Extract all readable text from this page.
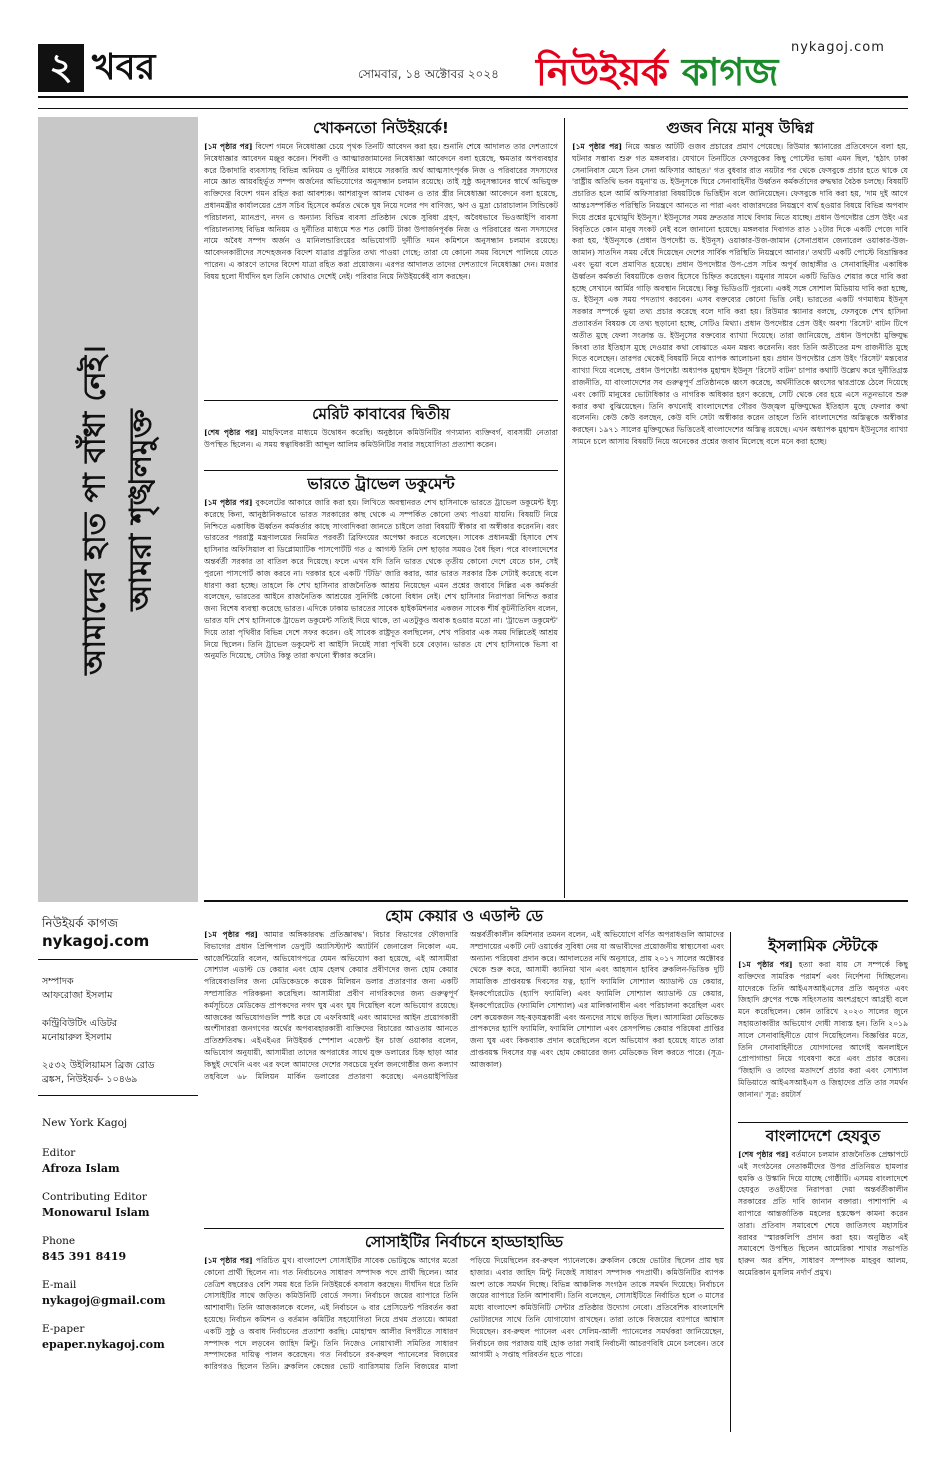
২ খবর	সোমবার, ১৪ অক্টোবর ২০২৪
nykagoj.com
নিউইয়র্ক কাগজ
আমাদের হাত পা বাঁধা নেই। আমরা শৃঙ্খলমুক্ত
নিউইয়র্ক কাগজ
nykagoj.com
সম্পাদক
আফরোজা ইসলাম
কন্ট্রিবিউটিং এডিটর
মনোয়ারুল ইসলাম
২৫৩২ উইলিয়ামস ব্রিজ রোড
ব্রঙ্কস, নিউইয়র্ক- ১০৪৬৯
New York Kagoj
Editor
Afroza Islam
Contributing Editor
Monowarul Islam
Phone
845 391 8419
E-mail
nykagoj@gmail.com
E-paper
epaper.nykagoj.com
খোকনতো নিউইয়র্কে!

[১ম পৃষ্ঠার পর] বিদেশ গমনে নিষেধাজ্ঞা চেয়ে পৃথক তিনটি আবেদন করা হয়। শুনানি শেষে আদালত তার দেশত্যাগে নিষেধাজ্ঞার আবেদন মঞ্জুর করেন। শিবলী ও আত্মারজামানের নিষেধাজ্ঞা আবেদনে বলা হয়েছে, ক্ষমতার অপব্যবহার করে ঠিকাদারি ব্যবসাসহ বিভিন্ন অনিয়ম ও দুর্নীতির মাধ্যমে সরকারি অর্থ আত্মসাৎপূর্বক নিজ ও পরিবারের সদস্যদের নামে জ্ঞাত আয়বহির্ভূত সম্পদ অর্জনের অভিযোগের অনুসন্ধান চলমান রয়েছে। তাই সুষ্ঠু অনুসন্ধানের স্বার্থে অভিযুক্ত ব্যক্তিদের বিদেশ গমন রহিত করা আবশ্যক। আশরাফুল আলম খোকন ও তার স্ত্রীর নিষেধাজ্ঞা আবেদনে বলা হয়েছে, প্রধানমন্ত্রীর কার্যালয়ের প্রেস সচিব হিসেবে কর্মরত থেকে ঘুষ নিয়ে দলের পদ বাণিজ্য, ঋণ ও মুদ্রা চোরাচালান সিন্ডিকেট পরিচালনা, ম্যানপ্রণ, নদন ও অন্যান্য বিভিন্ন ব্যবসা প্রতিষ্ঠান থেকে সুবিধা গ্রহণ, অবৈধভাবে ভিওআইপি ব্যবসা পরিচালনাসহ বিভিন্ন অনিয়ম ও দুর্নীতির মাধ্যমে শত শত কোটি টাকা উপার্জনপূর্বক নিজ ও পরিবারের অন্য সদস্যদের নামে অবৈধ সম্পদ অর্জন ও মানিলন্ডারিংয়ের অভিযোগটি দুর্নীতি দমন কমিশনে অনুসন্ধান চলমান রয়েছে। আবেদনকারীদের সন্দেহজনক বিদেশ যাত্রার প্রস্তুতির তথ্য পাওয়া গেছে; তারা যে কোনো সময় বিদেশে পালিয়ে যেতে পারেন। এ কারণে তাদের বিদেশ যাত্রা রহিত করা প্রয়োজন। এরপর আদালত তাদের দেশত্যাগে নিষেধাজ্ঞা দেন। মজার বিষয় হলো দীর্ঘদিন হল তিনি কোথাও দেশেই নেই। পরিবার নিয়ে নিউইয়র্কেই বাস করছেন।

মেরিট কাবাবের দ্বিতীয়

[শেষ পৃষ্ঠার পর] মাহফিলের মাধ্যমে উদ্বোধন করেছি। অনুষ্ঠানে কমিউনিটির গণ্যমান্য ব্যক্তিবর্গ, ব্যবসায়ী নেতারা উপস্থিত ছিলেন। এ সময় স্বত্বাধিকারী আব্দুল আলিম কমিউনিটির সবার সহযোগিতা প্রত্যাশা করেন।

ভারতে ট্রাভেল ডকুমেন্ট

[১ম পৃষ্ঠার পর] বুকলেটের আকারে জারি করা হয়। লিখিতে অবস্থানরত শেখ হাসিনাকে ভারতে ট্রাভেল ডকুমেন্ট ইস্যু করেছে কিনা, আনুষ্ঠানিকভাবে ভারত সরকারের কাছ থেকে এ সম্পর্কিত কোনো তথ্য পাওয়া যায়নি। বিষয়টি নিয়ে নিশ্চিতে একাধিক ঊর্ধ্বতন কর্মকর্তার কাছে সাংবাদিকরা জানতে চাইলে তারা বিষয়টি স্বীকার বা অস্বীকার করেননি। বরং ভারতের পররাষ্ট্র মন্ত্রণালয়ের নিয়মিত পরবর্তী ব্রিফিংয়ের অপেক্ষা করতে বলেছেন। সাবেক প্রধানমন্ত্রী হিসাবে শেখ হাসিনার অফিসিয়াল বা ডিপ্লোম্যাটিক পাসপোর্টটি গত ৫ আগস্ট তিনি দেশ ছাড়ার সময়ও বৈধ ছিল। পরে বাংলাদেশের অন্তর্বর্তী সরকার তা বাতিল করে দিয়েছে। ফলে এখন যদি তিনি ভারত থেকে তৃতীয় কোনো দেশে যেতে চান, সেই পুরনো পাসপোর্ট কাজ করবে না। দরকার হবে একটি 'টিডি' জারি করার, আর ভারত সরকার ঠিক সেটাই করেছে বলে ধারণা করা হচ্ছে। তাহলে কি শেখ হাসিনার রাজনৈতিক আশ্রয় নিয়েছেন এমন প্রশ্নের জবাবে দিল্লির এক কর্মকর্তা বলেছেন, ভারতের আইনে রাজনৈতিক আশ্রয়ের সুনির্দিষ্ট কোনো বিধান নেই। শেখ হাসিনার নিরাপত্তা নিশ্চিত করার জন্য বিশেষ ব্যবস্থা করেছে ভারত। এদিকে ঢাকায় ভারতের সাবেক হাইকমিশনার একজন সাবেক শীর্ষ কূটনীতিবিদ বলেন, ভারত যদি শেখ হাসিনাকে ট্রাভেল ডকুমেন্ট সত্যিই দিয়ে থাকে, তা এতটুকুও অবাক হওয়ার মতো না। 'ট্রাভেল ডকুমেন্ট' দিয়ে তারা পৃথিবীর বিভিন্ন দেশে সফর করেন। ওই সাবেক রাষ্ট্রদূত বলছিলেন, শেখ পরিবার এক সময় দিল্লিতেই আশ্রয় নিয়ে ছিলেন। তিনি ট্রাভেল ডকুমেন্ট বা আইসি নিয়েই সারা পৃথিবী চষে বেড়ান। ভারত যে শেখ হাসিনাকে ভিসা বা অনুমতি দিয়েছে, সেটাও কিন্তু তারা কখনো স্বীকার করেনি।

গুজব নিয়ে মানুষ উদ্বিগ্ন

[১ম পৃষ্ঠার পর] নিয়ে অন্তত আটটি গুজব প্রচারের প্রমাণ পেয়েছে। রিউমার স্ক্যানারের প্রতিবেদনে বলা হয়, ঘটনার সম্ভাব্য শুরু গত মঙ্গলবার। যেখানে তিনটিতে ফেসবুকের কিছু পোস্টের ভাষা এমন ছিল, 'হঠাৎ ঢাকা সেনানিবাস মেসে তিন সেনা অফিসার আহত।' গত বুধবার রাত নয়টার পর থেকে ফেসবুকে প্রচার হতে থাকে যে 'রাষ্ট্রীয় অতিথি ভবন যমুনা'য় ড. ইউনূসকে ঘিরে সেনাবাহিনীর উর্ধ্বতন কর্মকর্তাদের রুদ্ধদ্বার বৈঠক চলছে। বিষয়টি প্রচারিত হলে আর্মি অফিসারারা বিষয়টিকে ভিত্তিহীন বলে জানিয়েছেন। ফেসবুকে দাবি করা হয়, 'দাম দুই আগে আন্তঃসম্পর্কিত পরিস্থিতি নিয়ন্ত্রণে আনতে না পারা এবং বাজারদরের নিয়ন্ত্রণে ব্যর্থ হওয়ার বিষয়ে বিভিন্ন অপবাদ দিয়ে প্রশ্নের মুখোমুখি ইউনূস।' ইউনূসের সময় দ্রুততার সাথে বিদায় নিতে যাচ্ছে। প্রধান উপদেষ্টার প্রেস উইং এর বিবৃতিতে কোন মানুষ সংকট নেই বলে জানানো হয়েছে। মঙ্গলবার দিবাগত রাত ১২টার দিকে একটি পেজে দাবি করা হয়, 'ইউনূসকে (প্রধান উপদেষ্টা ড. ইউনূস) ওয়াকার-উজ-জামান (সেনাপ্রধান জেনারেল ওয়াকার-উজ-জামান) সাতদিন সময় বেঁধে দিয়েছেন দেশের সার্বিক পরিস্থিতি নিয়ন্ত্রণে আনার।' তথ্যটি একটি পোস্টে বিভ্রান্তিকর এবং ভুয়া বলে প্রমাণিত হয়েছে। প্রধান উপদেষ্টার উপ-প্রেস সচিব অপূর্ব জাহাঙ্গীর ও সেনাবাহিনীর একাধিক ঊর্ধ্বতন কর্মকর্তা বিষয়টিকে গুজব হিসেবে চিহ্নিত করেছেন। যমুনার সামনে একটি ভিডিও শেয়ার করে দাবি করা হচ্ছে সেখানে আর্মির গাড়ি অবস্থান নিয়েছে। কিন্তু ভিডিওটি পুরনো। একই সঙ্গে সোশাল মিডিয়ায় দাবি করা হচ্ছে, ড. ইউনূস এক সময় পদত্যাগ করবেন। এসব বক্তব্যের কোনো ভিত্তি নেই। ভারতের একটি গণমাধ্যম ইউনূস সরকার সম্পর্কে ভুয়া তথ্য প্রচার করেছে বলে দাবি করা হয়। রিউমার স্ক্যানার বলছে, ফেসবুকে শেখ হাসিনা প্রত্যাবর্তন বিষয়ক যে তথ্য ছড়ানো হচ্ছে, সেটিও মিথ্যা। প্রধান উপদেষ্টার প্রেস উইং অবশ্য 'রিসেট' বাটন টিপে অতীত মুছে ফেলা সংক্রান্ত ড. ইউনূসের বক্তব্যের ব্যাখ্যা দিয়েছে। তারা জানিয়েছে, প্রধান উপদেষ্টা মুক্তিযুদ্ধ কিংবা তার ইতিহাস মুছে দেওয়ার কথা বোঝাতে এমন মন্তব্য করেননি। বরং তিনি অতীতের মন্দ রাজনীতি মুছে দিতে বলেছেন। তারপর থেকেই বিষয়টি নিয়ে ব্যাপক আলোচনা হয়। প্রধান উপদেষ্টার প্রেস উইং 'রিসেট' মন্তব্যের ব্যাখ্যা দিয়ে বলেছে, প্রধান উপদেষ্টা অধ্যাপক মুহাম্মদ ইউনূস 'রিসেট বাটন' চাপার কথাটি উল্লেখ করে দুর্নীতিগ্রস্ত রাজনীতি, যা বাংলাদেশের সব গুরুত্বপূর্ণ প্রতিষ্ঠানকে ধ্বংস করেছে, অর্থনীতিকে ধ্বংসের দ্বারপ্রান্তে ঠেলে দিয়েছে এবং কোটি মানুষের ভোটাধিকার ও নাগরিক অধিকার হরণ করেছে, সেটি থেকে বের হয়ে এসে নতুনভাবে শুরু করার কথা বুঝিয়েছেন। তিনি কখনোই বাংলাদেশের গৌরব উজ্জ্বল মুক্তিযুদ্ধের ইতিহাস মুছে ফেলার কথা বলেননি। কেউ কেউ বলছেন, কেউ যদি সেটা অস্বীকার করেন তাহলে তিনি বাংলাদেশের অস্তিত্বকে অস্বীকার করছেন। ১৯৭১ সালের মুক্তিযুদ্ধের ভিত্তিতেই বাংলাদেশের অস্তিত্ব রয়েছে। এখন অধ্যাপক মুহাম্মদ ইউনূসের ব্যাখ্যা সামনে চলে আসায় বিষয়টি নিয়ে অনেকের প্রশ্নের জবাব মিলেছে বলে মনে করা হচ্ছে।

হোম কেয়ার ও এডাল্ট ডে

[১ম পৃষ্ঠার পর] আমার অঙ্গিকারবদ্ধ প্রতিজ্ঞাবদ্ধ'। বিচার বিভাগের ফৌজদারি বিভাগের প্রধান প্রিন্সিপাল ডেপুটি অ্যাসিস্ট্যান্ট অ্যাটর্নি জেনারেল নিকোল এম. আর্জেন্টিয়েরি বলেন, অভিযোগপত্রে যেমন অভিযোগ করা হয়েছে, এই আসামীরা সোশ্যাল এডাল্ট ডে কেয়ার এবং হোম হেলথ কেয়ার প্রবীণদের জন্য হোম কেয়ার পরিষেবাগুলির জন্য মেডিকেডকে কয়েক মিলিয়ন ডলার প্রতারণার জন্য একটি সম্প্রসারিত পরিকল্পনা করেছিল। আসামীরা প্রবীণ নাগরিকদের জন্য গুরুত্বপূর্ণ কর্মসূচিতে মেডিকেড প্রাপকদের নগদ ঘুষ এবং ঘুষ দিয়েছিল বলে অভিযোগ রয়েছে। আজকের অভিযোগগুলি স্পষ্ট করে যে এফবিআই এবং আমাদের আইন প্রয়োগকারী অংশীদাররা জনগণের অর্থের অপব্যবহারকারী ব্যক্তিদের বিচারের আওতায় আনতে প্রতিশ্রুতিবদ্ধ। এইএইএর নিউইয়র্ক স্পেশাল এজেন্ট ইন চার্জ ওয়াকার বলেন, অভিযোগ অনুযায়ী, আসামীরা তাদের অপরাধের সাথে যুক্ত ডলারের চিহ্ন ছাড়া আর কিছুই দেখেনি এবং এর ফলে আমাদের দেশের সবচেয়ে দুর্বল জনগোষ্ঠীর জন্য কল্যাণ তহবিলে ৬৮ মিলিয়ন মার্কিন ডলারের প্রতারণা করেছে। এনওয়াইপিডির অন্তর্বর্তীকালীন কমিশনার তমনন বলেন, এই অভিযোগে বর্ণিত অপরাধগুলি আমাদের সম্প্রদায়ের একটি নেট ওয়ার্কের সুবিধা নেয় যা অভাবীদের প্রয়োজনীয় স্বাস্থ্যসেবা এবং অন্যান্য পরিষেবা প্রদান করে। আদালতের নথি অনুসারে, প্রায় ২০১৭ সালের অক্টোবর থেকে শুরু করে, আসামী ক্যানিয়া খান এবং আহসান হাবিব ব্রুকলিন-ভিত্তিক দুটি সামাজিক প্রাপ্তবয়স্ক দিবসের যত্ন, হ্যাপি ফ্যামিলি সোশ্যাল অ্যাডাল্ট ডে কেয়ার, ইনকর্পোরেটেড (হ্যাপি ফ্যামিলি) এবং ফ্যামিলি সোশ্যাল অ্যাডাল্ট ডে কেয়ার, ইনকর্পোরেটেড (ফ্যামিলি সোশ্যাল) এর মালিকানাধীন এবং পরিচালনা করেছিল এবং বেশ কয়েকজন সহ-ষড়যন্ত্রকারী এবং অন্যদের সাথে জড়িত ছিল। আসামিরা মেডিকেড প্রাপকদের হ্যাপি ফ্যামিলি, ফ্যামিলি সোশ্যাল এবং রেসপন্সিভ কেয়ার পরিষেবা প্রাপ্তির জন্য ঘুষ এবং কিকব্যাক প্রদান করেছিলেন বলে অভিযোগ করা হয়েছে যাতে তারা প্রাপ্তবয়স্ক দিবসের যত্ন এবং হোম কেয়ারের জন্য মেডিকেড বিল করতে পারে। (সূত্র-আজকাল)

সোসাইটির নির্বাচনে হাড্ডাহাড্ডি

[১ম পৃষ্ঠার পর] পরিচিত মুখ। বাংলাদেশ সোসাইটির সাবেক ভোটযুদ্ধে আগের মতো কোনো প্রার্থী ছিলেন না। গত নির্বাচনেও সাধারণ সম্পাদক পদে প্রার্থী ছিলেন। আর তেত্রিশ বছরেরও বেশি সময় ধরে তিনি নিউইয়র্কে বসবাস করছেন। দীর্ঘদিন ধরে তিনি সোসাইটির সাথে জড়িত। কমিউনিটি বোর্ডে সদস্য। নির্বাচনে জয়ের ব্যাপারে তিনি আশাবাদী। তিনি আজকালকে বলেন, এই নির্বাচনে ৬ বার প্রেসিডেন্ট পরিবর্তন করা হয়েছে। নির্বাচন কমিশন ও বর্তমান কমিটির সহযোগিতা নিয়ে প্রথম প্রত্যয়ে। আমরা একটি সুষ্ঠু ও অবাধ নির্বাচনের প্রত্যাশা করছি। মোহাম্মদ আলীর বিপরীতে সাধারণ সম্পাদক পদে লড়বেন জাহিদ মিন্টু। তিনি নিজেও নোয়াখালী সমিতির সাধারণ সম্পাদকের দায়িত্ব পালন করেছেন। গত নির্বাচনে রব-রুহুল প্যানেলের বিজয়ের কারিগরও ছিলেন তিনি। ব্রুকলিন কেন্দ্রের ভোট ব্যারিসমায় তিনি বিজয়ের মালা পড়িয়ে দিয়েছিলেন রব-রুহুল প্যানেলকে। ব্রুকলিন কেন্দ্রে ভোটার ছিলেন প্রায় ছয় হাজার। এবার জাহিদ মিন্টু নিজেই সাধারণ সম্পাদক পদপ্রার্থী। কমিউনিটির ব্যাপক অংশ তাকে সমর্থন দিচ্ছে। বিভিন্ন আঞ্চলিক সংগঠন তাকে সমর্থন দিয়েছে। নির্বাচনে জয়ের ব্যাপারে তিনি আশাবাদী। তিনি বলেছেন, সোসাইটিতে নির্বাচিত হলে ৩ মাসের মধ্যে বাংলাদেশ কমিউনিটি সেন্টার প্রতিষ্ঠার উদ্যোগ নেবো। প্রতিবেশিক বাংলাদেশি ভোটারদের সাথে তিনি যোগাযোগ রাখছেন। তারা তাকে বিজয়ের ব্যাপারে আশ্বাস দিয়েছেন। রব-রুহুল প্যানেল এবং সেলিম-আলী প্যানেলের সমর্থকরা জানিয়েছেন, নির্বাচনে জয় পরাজয় যাই হোক তারা সবাই নির্বাচনী আচরণবিধি মেনে চলবেন। তবে আগামী ২ সপ্তাহ পরিবর্তন হতে পারে।

ইসলামিক স্টেটকে

[১ম পৃষ্ঠার পর] হত্যা করা যায় সে সম্পর্কে কিছু ব্যক্তিদের সামরিক পরামর্শ এবং নির্দেশনা দিচ্ছিলেন। যাদেরকে তিনি আইএসআইএসের প্রতি অনুগত এবং জিহাদি গ্রুপের পক্ষে সহিংসতায় অংশগ্রহণে আগ্রহী বলে মনে করেছিলেন। কোন তারিখে ২০২৩ সালের জুনে সহায়তাকারীর অভিযোগ দোষী সাব্যস্ত হন। তিনি ২০১৯ সালে সেনাবাহিনীতে যোগ দিয়েছিলেন। বিজ্ঞপ্তির মতে, তিনি সেনাবাহিনীতে যোগদানের আগেই অনলাইনে প্রোপাগান্ডা নিয়ে গবেষণা করে এবং প্রচার করেন। 'জিহাদি ও তাদের মতাদর্শে প্রচার করা এবং সোশ্যাল মিডিয়াতে আইএসআইএস ও জিহাদের প্রতি তার সমর্থন জানান।' সূত্র: রয়টার্স

বাংলাদেশে হেযবুত

[শেষ পৃষ্ঠার পর] বর্তমানে চলমান রাজনৈতিক প্রেক্ষাপটে এই সংগঠনের নেতাকর্মীদের উপর প্রতিনিয়ত হামলার হুমকি ও উস্কানি দিয়ে যাচ্ছে গোষ্ঠীটি। এসময় বাংলাদেশে হেযবুত তওহীদের নিরাপত্তা দেয়া অন্তর্বর্তীকালীন সরকারের প্রতি দাবি জানান বক্তারা। পাশাপাশি এ ব্যাপারে আন্তর্জাতিক মহলের হস্তক্ষেপ কামনা করেন তারা। প্রতিবাদ সমাবেশে শেষে জাতিসংঘ মহাসচিব বরাবর 'স্মারকলিপি প্রদান করা হয়। অনুষ্ঠিত এই সমাবেশে উপস্থিত ছিলেন আমেরিকা শাখার সভাপতি হারুন অর রশিদ, সাধারণ সম্পাদক মাহবুব আলম, অমেরিকান মুসলিম নর্দার্ণ প্রমুখ।
